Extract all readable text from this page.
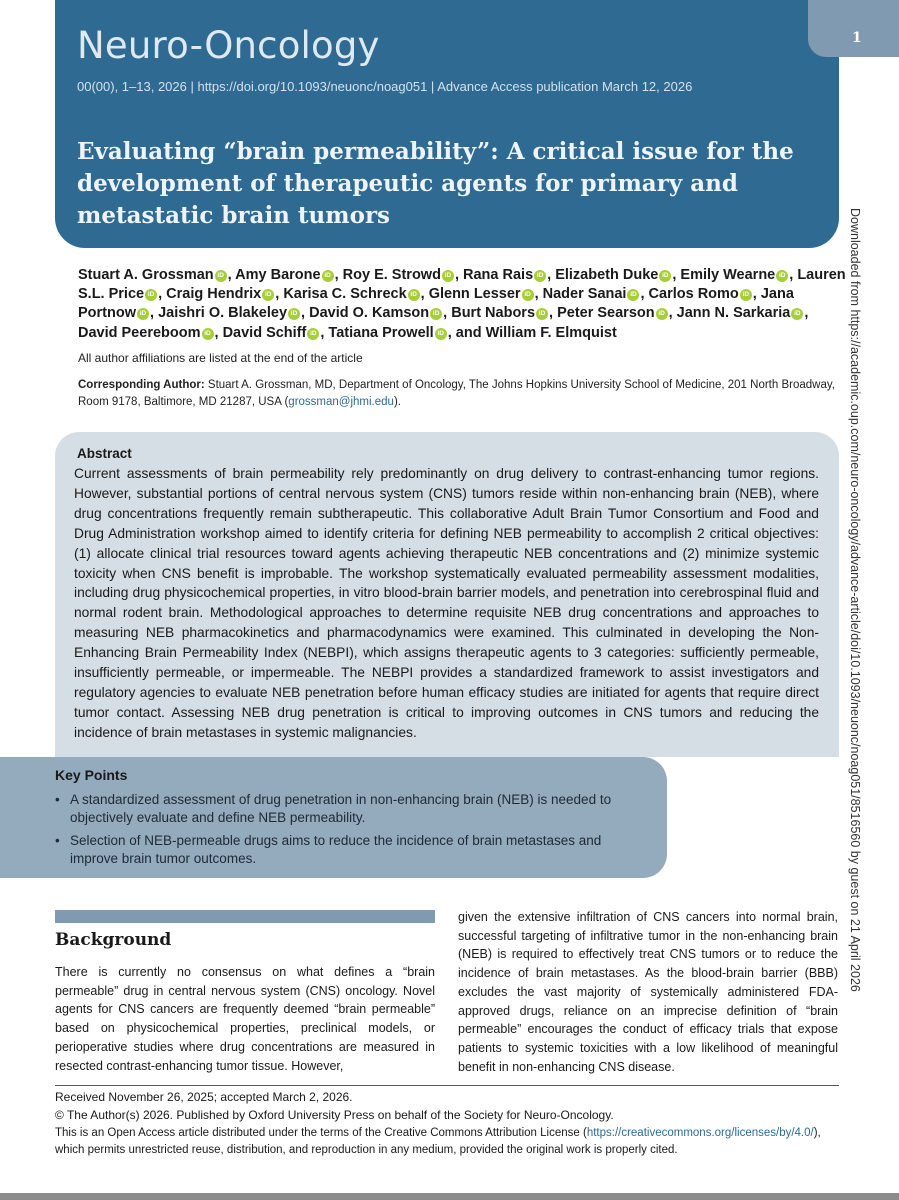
Neuro-Oncology
00(00), 1–13, 2026 | https://doi.org/10.1093/neuonc/noag051 | Advance Access publication March 12, 2026
Evaluating “brain permeability”: A critical issue for the development of therapeutic agents for primary and metastatic brain tumors
1
Downloaded from https://academic.oup.com/neuro-oncology/advance-article/doi/10.1093/neuonc/noag051/8516560 by guest on 21 April 2026
Stuart A. Grossman iD , Amy Barone iD , Roy E. Strowd iD , Rana Rais iD , Elizabeth Duke iD , Emily Wearne iD , Lauren S.L. Price iD , Craig Hendrix iD , Karisa C. Schreck iD , Glenn Lesser iD , Nader Sanai iD , Carlos Romo iD , Jana Portnow iD , Jaishri O. Blakeley iD , David O. Kamson iD , Burt Nabors iD , Peter Searson iD , Jann N. Sarkaria iD , David Peereboom iD , David Schiff iD , Tatiana Prowell iD , and William F. Elmquist
All author affiliations are listed at the end of the article
Corresponding Author: Stuart A. Grossman, MD, Department of Oncology, The Johns Hopkins University School of Medicine, 201 North Broadway, Room 9178, Baltimore, MD 21287, USA (grossman@jhmi.edu).
Abstract
Current assessments of brain permeability rely predominantly on drug delivery to contrast-enhancing tumor regions. However, substantial portions of central nervous system (CNS) tumors reside within non-enhancing brain (NEB), where drug concentrations frequently remain subtherapeutic. This collaborative Adult Brain Tumor Consortium and Food and Drug Administration workshop aimed to identify criteria for defining NEB permeability to accomplish 2 critical objectives: (1) allocate clinical trial resources toward agents achieving therapeutic NEB concentrations and (2) minimize systemic toxicity when CNS benefit is improbable. The workshop systematically evaluated permeability assessment modalities, including drug physicochemical properties, in vitro blood-brain barrier models, and penetration into cerebrospinal fluid and normal rodent brain. Methodological approaches to determine requisite NEB drug concentrations and approaches to measuring NEB pharmacokinetics and pharmacodynamics were examined. This culminated in developing the Non-Enhancing Brain Permeability Index (NEBPI), which assigns therapeutic agents to 3 categories: sufficiently permeable, insufficiently permeable, or impermeable. The NEBPI provides a standardized framework to assist investigators and regulatory agencies to evaluate NEB penetration before human efficacy studies are initiated for agents that require direct tumor contact. Assessing NEB drug penetration is critical to improving outcomes in CNS tumors and reducing the incidence of brain metastases in systemic malignancies.
Key Points
• A standardized assessment of drug penetration in non-enhancing brain (NEB) is needed to objectively evaluate and define NEB permeability.
• Selection of NEB-permeable drugs aims to reduce the incidence of brain metastases and improve brain tumor outcomes.
Background
There is currently no consensus on what defines a “brain permeable” drug in central nervous system (CNS) oncology. Novel agents for CNS cancers are frequently deemed “brain permeable” based on physicochemical properties, preclinical models, or perioperative studies where drug concentrations are measured in resected contrast-enhancing tumor tissue. However,
given the extensive infiltration of CNS cancers into normal brain, successful targeting of infiltrative tumor in the non-enhancing brain (NEB) is required to effectively treat CNS tumors or to reduce the incidence of brain metastases. As the blood-brain barrier (BBB) excludes the vast majority of systemically administered FDA-approved drugs, reliance on an imprecise definition of “brain permeable” encourages the conduct of efficacy trials that expose patients to systemic toxicities with a low likelihood of meaningful benefit in non-enhancing CNS disease.
Received November 26, 2025; accepted March 2, 2026.
© The Author(s) 2026. Published by Oxford University Press on behalf of the Society for Neuro-Oncology.
This is an Open Access article distributed under the terms of the Creative Commons Attribution License (https://creativecommons.org/licenses/by/4.0/), which permits unrestricted reuse, distribution, and reproduction in any medium, provided the original work is properly cited.
